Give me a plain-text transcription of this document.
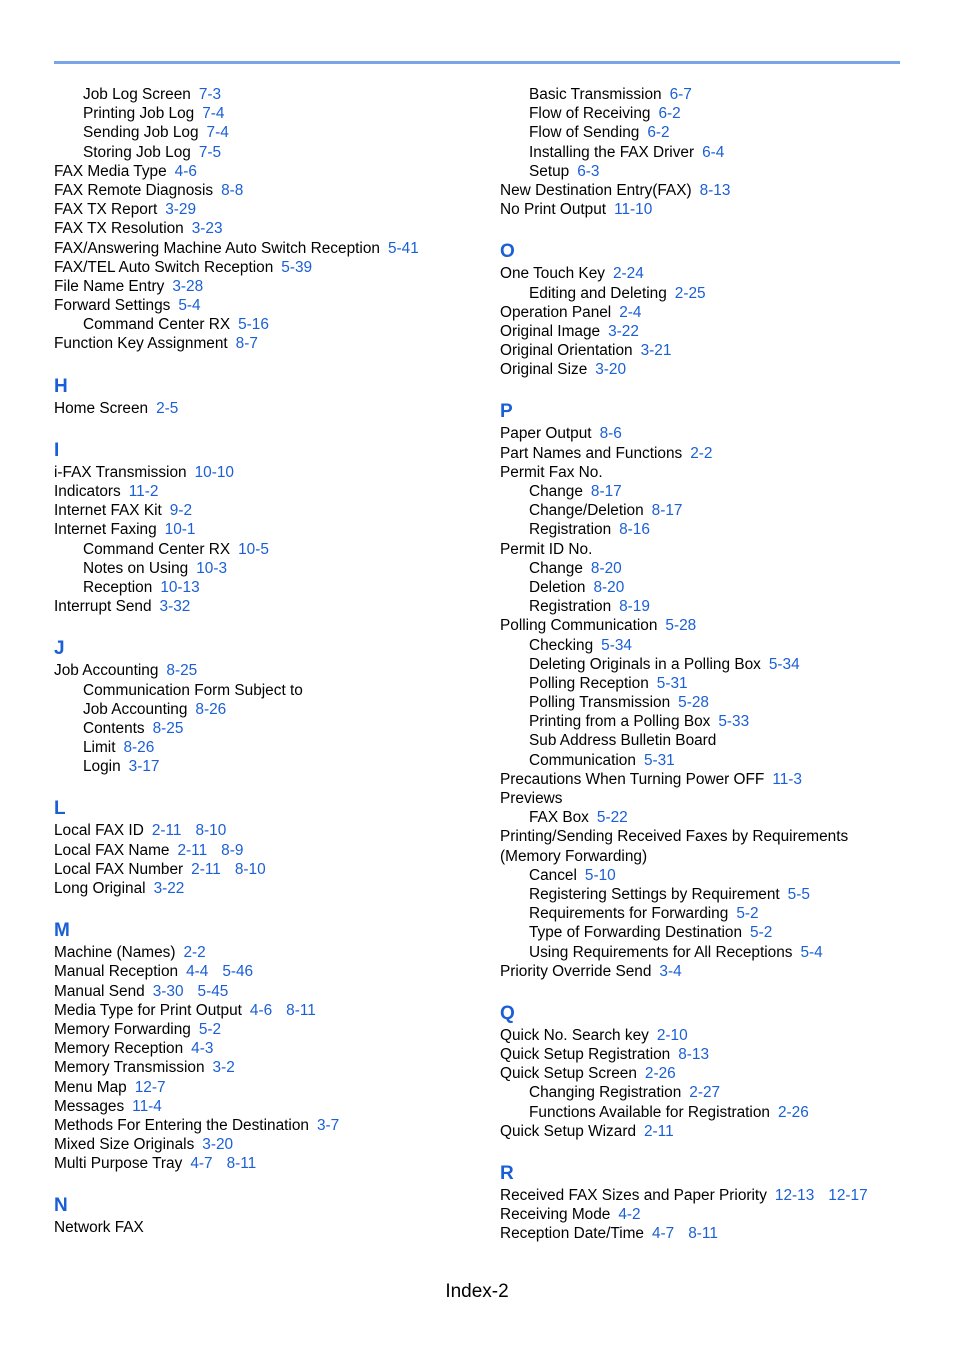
Job Log Screen 7-3
Printing Job Log 7-4
Sending Job Log 7-4
Storing Job Log 7-5
FAX Media Type 4-6
FAX Remote Diagnosis 8-8
FAX TX Report 3-29
FAX TX Resolution 3-23
FAX/Answering Machine Auto Switch Reception 5-41
FAX/TEL Auto Switch Reception 5-39
File Name Entry 3-28
Forward Settings 5-4
Command Center RX 5-16
Function Key Assignment 8-7
H
Home Screen 2-5
I
i-FAX Transmission 10-10
Indicators 11-2
Internet FAX Kit 9-2
Internet Faxing 10-1
Command Center RX 10-5
Notes on Using 10-3
Reception 10-13
Interrupt Send 3-32
J
Job Accounting 8-25
Communication Form Subject to
Job Accounting 8-26
Contents 8-25
Limit 8-26
Login 3-17
L
Local FAX ID 2-11 8-10
Local FAX Name 2-11 8-9
Local FAX Number 2-11 8-10
Long Original 3-22
M
Machine (Names) 2-2
Manual Reception 4-4 5-46
Manual Send 3-30 5-45
Media Type for Print Output 4-6 8-11
Memory Forwarding 5-2
Memory Reception 4-3
Memory Transmission 3-2
Menu Map 12-7
Messages 11-4
Methods For Entering the Destination 3-7
Mixed Size Originals 3-20
Multi Purpose Tray 4-7 8-11
N
Network FAX
Basic Transmission 6-7
Flow of Receiving 6-2
Flow of Sending 6-2
Installing the FAX Driver 6-4
Setup 6-3
New Destination Entry(FAX) 8-13
No Print Output 11-10
O
One Touch Key 2-24
Editing and Deleting 2-25
Operation Panel 2-4
Original Image 3-22
Original Orientation 3-21
Original Size 3-20
P
Paper Output 8-6
Part Names and Functions 2-2
Permit Fax No.
Change 8-17
Change/Deletion 8-17
Registration 8-16
Permit ID No.
Change 8-20
Deletion 8-20
Registration 8-19
Polling Communication 5-28
Checking 5-34
Deleting Originals in a Polling Box 5-34
Polling Reception 5-31
Polling Transmission 5-28
Printing from a Polling Box 5-33
Sub Address Bulletin Board
Communication 5-31
Precautions When Turning Power OFF 11-3
Previews
FAX Box 5-22
Printing/Sending Received Faxes by Requirements
(Memory Forwarding)
Cancel 5-10
Registering Settings by Requirement 5-5
Requirements for Forwarding 5-2
Type of Forwarding Destination 5-2
Using Requirements for All Receptions 5-4
Priority Override Send 3-4
Q
Quick No. Search key 2-10
Quick Setup Registration 8-13
Quick Setup Screen 2-26
Changing Registration 2-27
Functions Available for Registration 2-26
Quick Setup Wizard 2-11
R
Received FAX Sizes and Paper Priority 12-13 12-17
Receiving Mode 4-2
Reception Date/Time 4-7 8-11
Index-2
